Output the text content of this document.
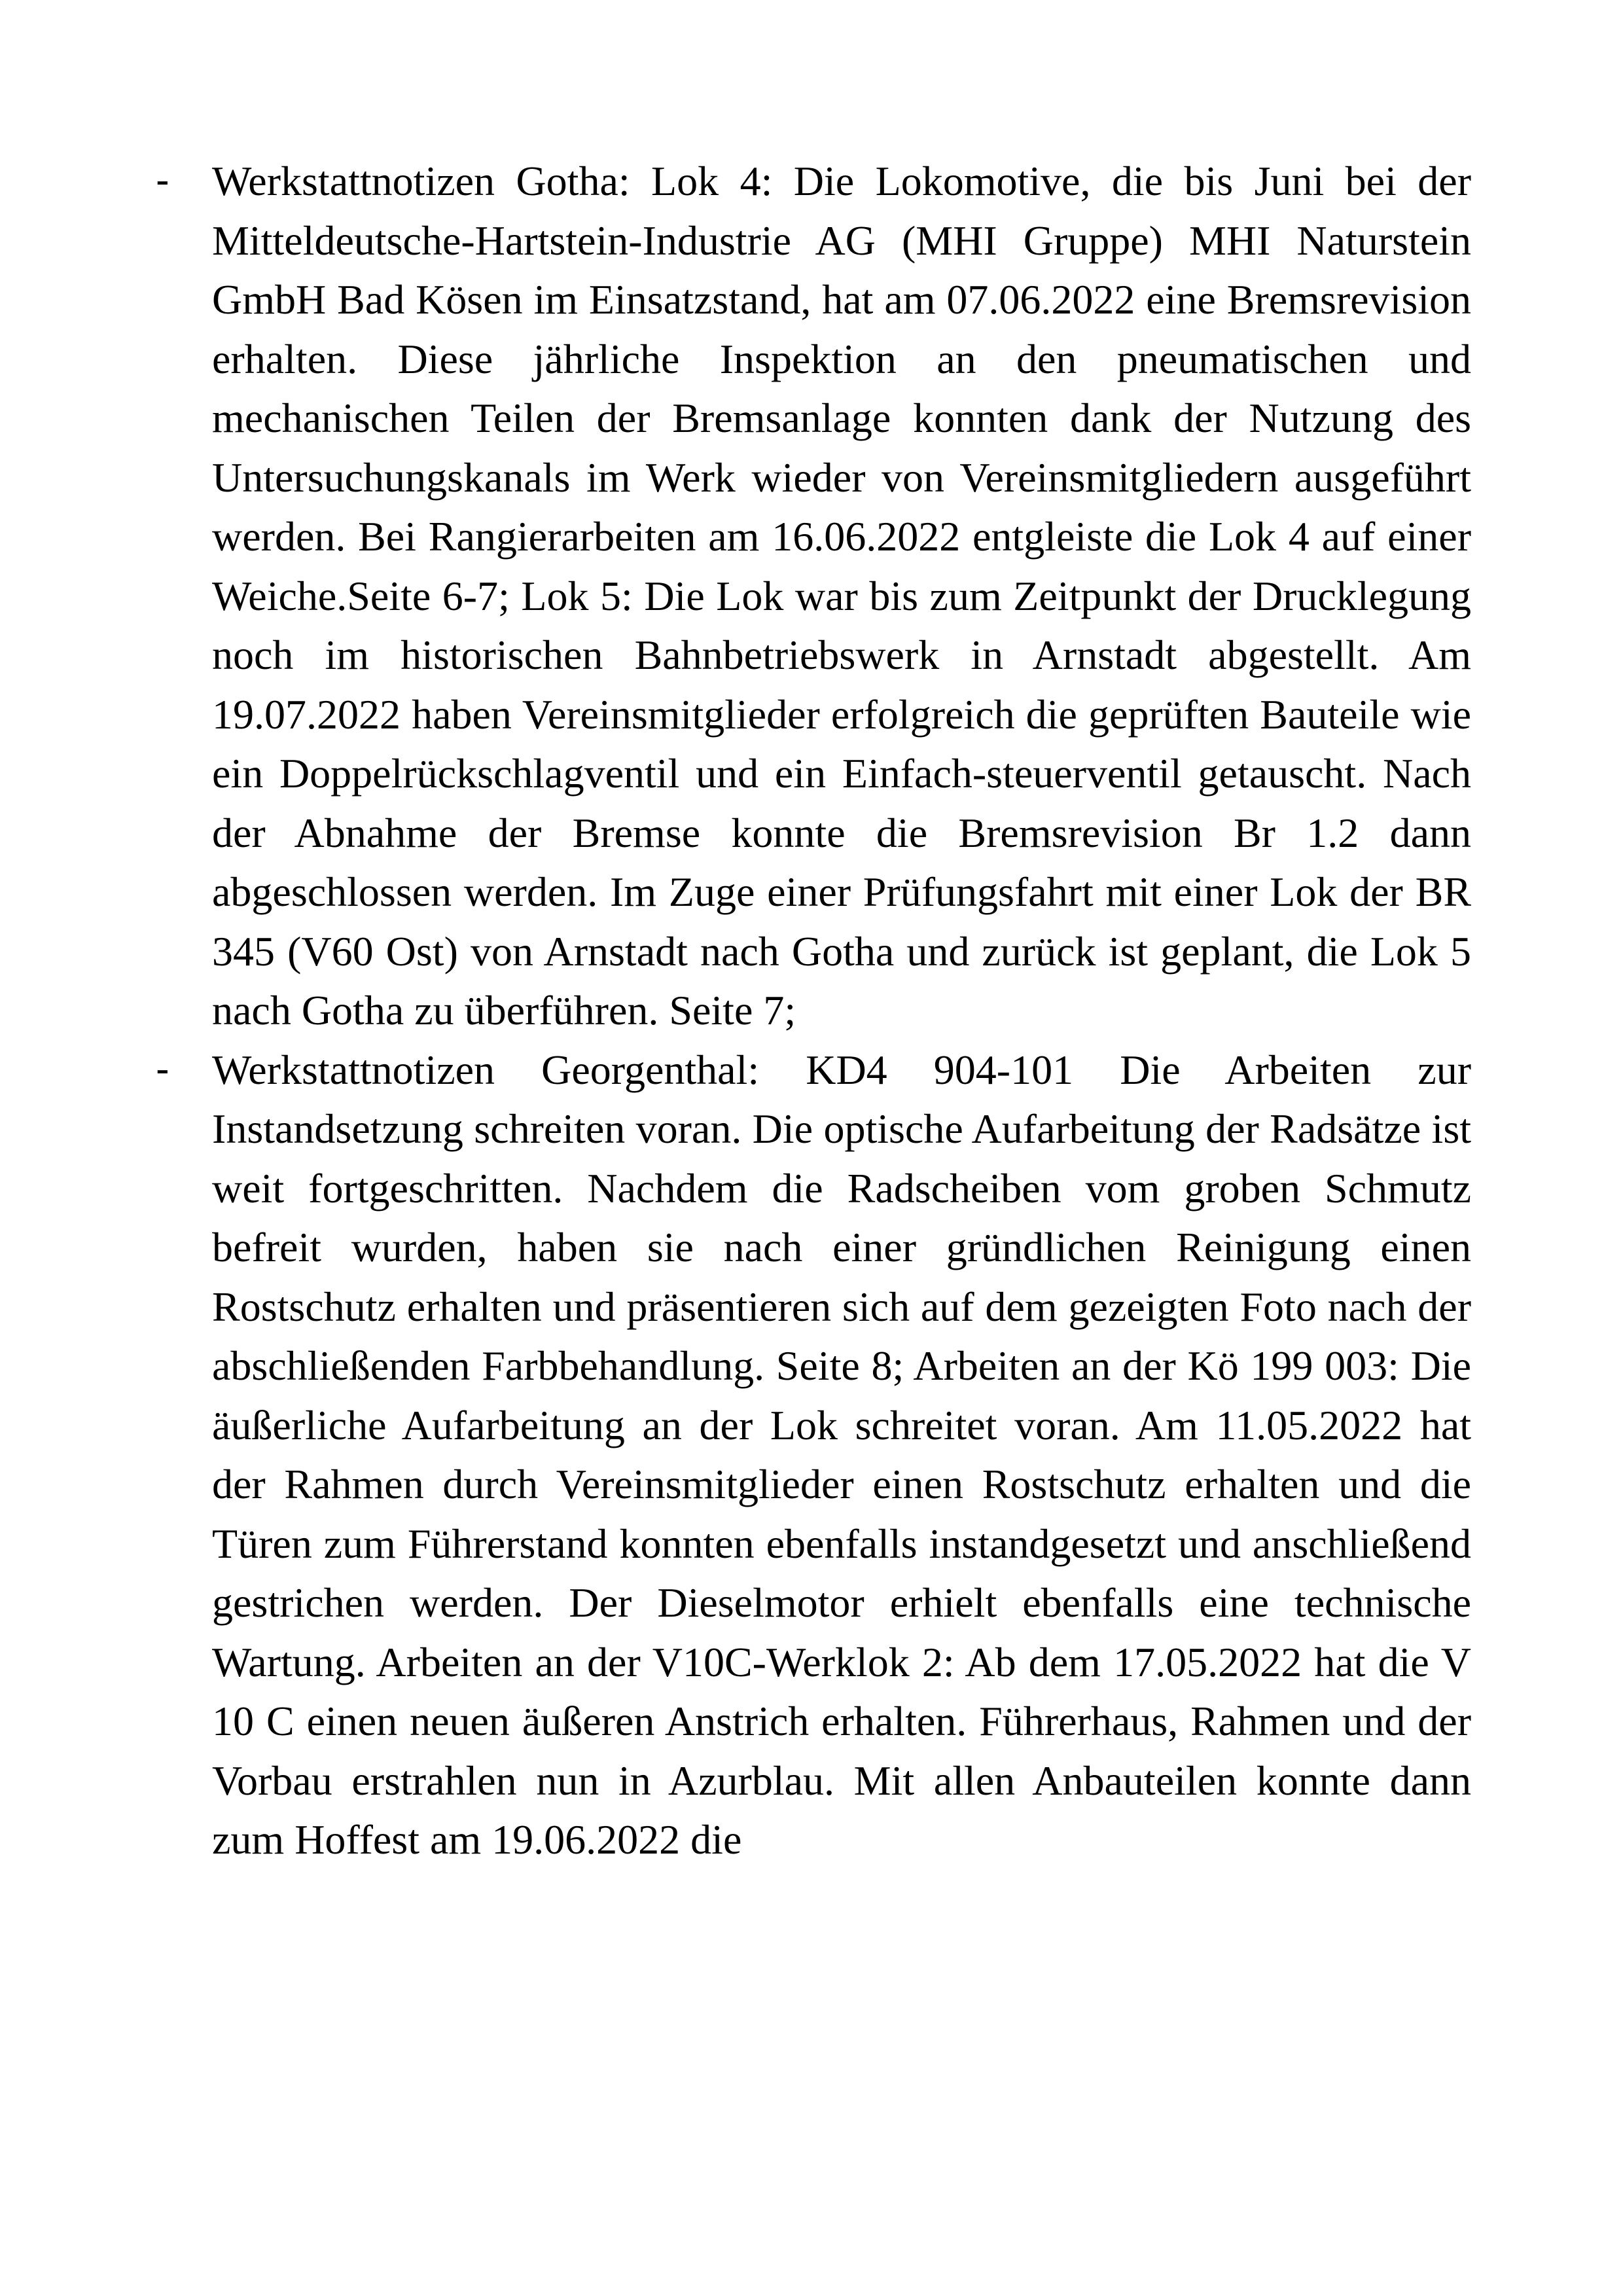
- Werkstattnotizen Gotha: Lok 4: Die Lokomotive, die bis Juni bei der Mitteldeutsche-Hartstein-Industrie AG (MHI Gruppe) MHI Naturstein GmbH Bad Kösen im Einsatzstand, hat am 07.06.2022 eine Bremsrevision erhalten. Diese jährliche Inspektion an den pneumatischen und mechanischen Teilen der Bremsanlage konnten dank der Nutzung des Untersuchungskanals im Werk wieder von Vereinsmitgliedern ausgeführt werden. Bei Rangierarbeiten am 16.06.2022 entgleiste die Lok 4 auf einer Weiche.Seite 6-7; Lok 5: Die Lok war bis zum Zeitpunkt der Drucklegung noch im historischen Bahnbetriebswerk in Arnstadt abgestellt. Am 19.07.2022 haben Vereinsmitglieder erfolgreich die geprüften Bauteile wie ein Doppelrückschlagventil und ein Einfach-steuerventil getauscht. Nach der Abnahme der Bremse konnte die Bremsrevision Br 1.2 dann abgeschlossen werden. Im Zuge einer Prüfungsfahrt mit einer Lok der BR 345 (V60 Ost) von Arnstadt nach Gotha und zurück ist geplant, die Lok 5 nach Gotha zu überführen. Seite 7;

- Werkstattnotizen Georgenthal: KD4 904-101 Die Arbeiten zur Instandsetzung schreiten voran. Die optische Aufarbeitung der Radsätze ist weit fortgeschritten. Nachdem die Radscheiben vom groben Schmutz befreit wurden, haben sie nach einer gründlichen Reinigung einen Rostschutz erhalten und präsentieren sich auf dem gezeigten Foto nach der abschließenden Farbbehandlung. Seite 8; Arbeiten an der Kö 199 003: Die äußerliche Aufarbeitung an der Lok schreitet voran. Am 11.05.2022 hat der Rahmen durch Vereinsmitglieder einen Rostschutz erhalten und die Türen zum Führerstand konnten ebenfalls instandgesetzt und anschließend gestrichen werden. Der Dieselmotor erhielt ebenfalls eine technische Wartung. Arbeiten an der V10C-Werklok 2: Ab dem 17.05.2022 hat die V 10 C einen neuen äußeren Anstrich erhalten. Führerhaus, Rahmen und der Vorbau erstrahlen nun in Azurblau. Mit allen Anbauteilen konnte dann zum Hoffest am 19.06.2022 die
